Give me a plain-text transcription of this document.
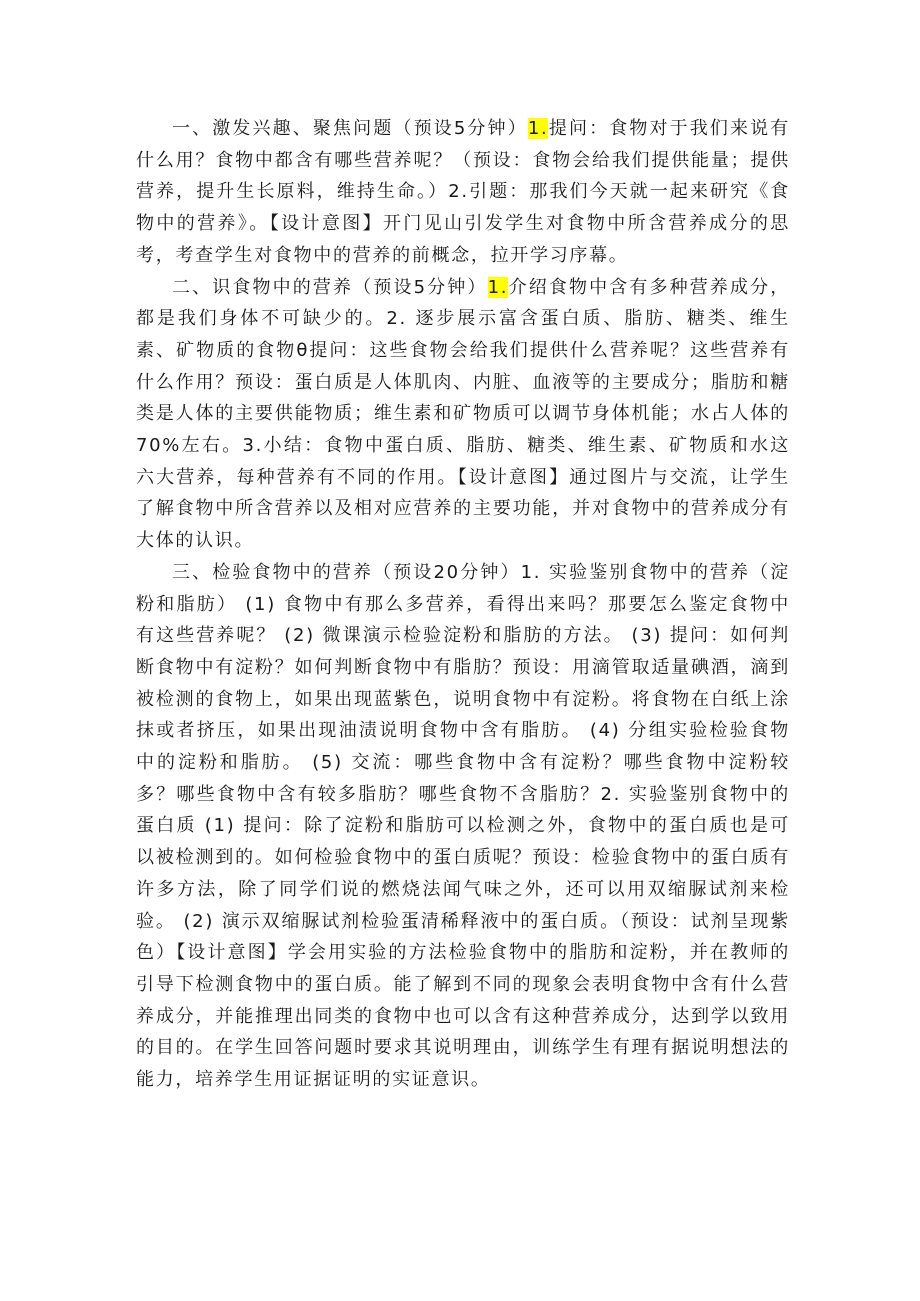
一、激发兴趣、聚焦问题（预设5分钟）1.提问：食物对于我们来说有什么用？食物中都含有哪些营养呢？（预设：食物会给我们提供能量；提供营养，提升生长原料，维持生命。）2.引题：那我们今天就一起来研究《食物中的营养》。【设计意图】开门见山引发学生对食物中所含营养成分的思考，考查学生对食物中的营养的前概念，拉开学习序幕。

二、识食物中的营养（预设5分钟）1.介绍食物中含有多种营养成分，都是我们身体不可缺少的。2. 逐步展示富含蛋白质、脂肪、糖类、维生素、矿物质的食物θ提问：这些食物会给我们提供什么营养呢？这些营养有什么作用？预设：蛋白质是人体肌肉、内脏、血液等的主要成分；脂肪和糖类是人体的主要供能物质；维生素和矿物质可以调节身体机能；水占人体的70%左右。3.小结：食物中蛋白质、脂肪、糖类、维生素、矿物质和水这六大营养，每种营养有不同的作用。【设计意图】通过图片与交流，让学生了解食物中所含营养以及相对应营养的主要功能，并对食物中的营养成分有大体的认识。

三、检验食物中的营养（预设20分钟）1. 实验鉴别食物中的营养（淀粉和脂肪） (1) 食物中有那么多营养，看得出来吗？那要怎么鉴定食物中有这些营养呢？ (2) 微课演示检验淀粉和脂肪的方法。 (3) 提问：如何判断食物中有淀粉？如何判断食物中有脂肪？预设：用滴管取适量碘酒，滴到被检测的食物上，如果出现蓝紫色，说明食物中有淀粉。将食物在白纸上涂抹或者挤压，如果出现油渍说明食物中含有脂肪。 (4) 分组实验检验食物中的淀粉和脂肪。 (5) 交流：哪些食物中含有淀粉？哪些食物中淀粉较多？哪些食物中含有较多脂肪？哪些食物不含脂肪？2. 实验鉴别食物中的蛋白质 (1) 提问：除了淀粉和脂肪可以检测之外，食物中的蛋白质也是可以被检测到的。如何检验食物中的蛋白质呢？预设：检验食物中的蛋白质有许多方法，除了同学们说的燃烧法闻气味之外，还可以用双缩脲试剂来检验。 (2) 演示双缩脲试剂检验蛋清稀释液中的蛋白质。（预设：试剂呈现紫色）【设计意图】学会用实验的方法检验食物中的脂肪和淀粉，并在教师的引导下检测食物中的蛋白质。能了解到不同的现象会表明食物中含有什么营养成分，并能推理出同类的食物中也可以含有这种营养成分，达到学以致用的目的。在学生回答问题时要求其说明理由，训练学生有理有据说明想法的能力，培养学生用证据证明的实证意识。
